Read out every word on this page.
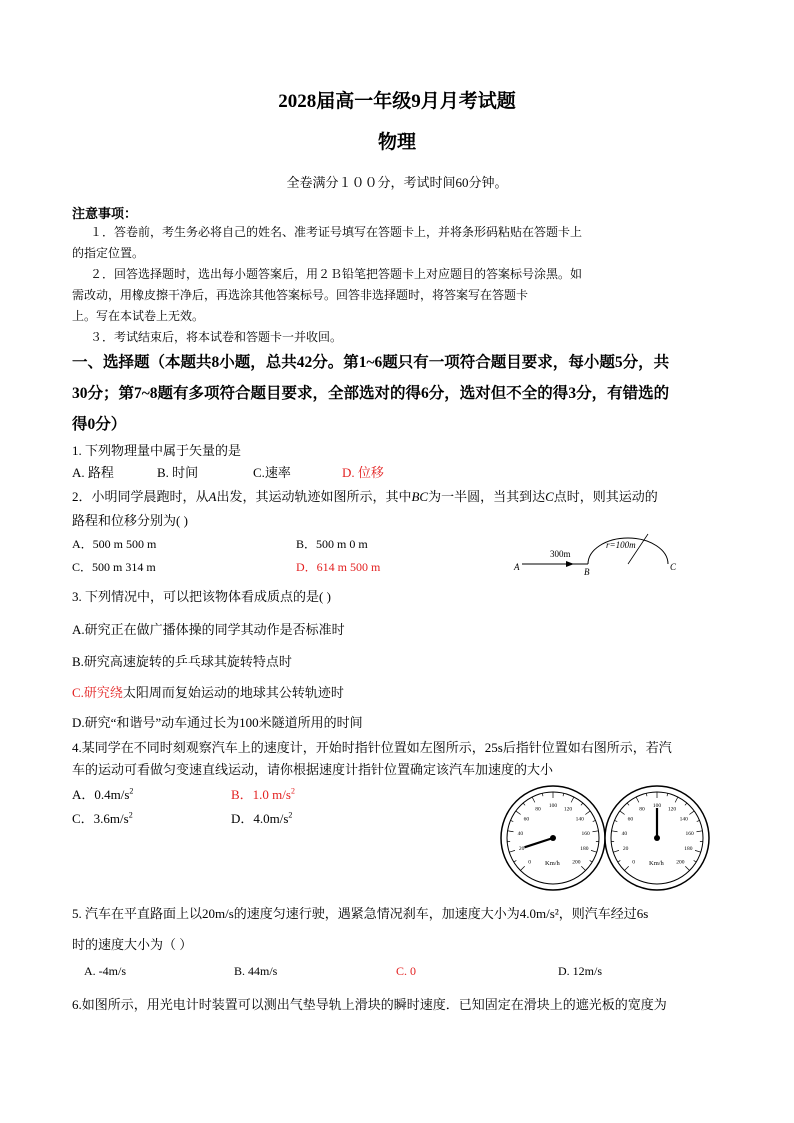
2028届高一年级9月月考试题
物理
全卷满分１００分，考试时间60分钟。
注意事项：
１．答卷前，考生务必将自己的姓名、准考证号填写在答题卡上，并将条形码粘贴在答题卡上
的指定位置。
２．回答选择题时，选出每小题答案后，用２Ｂ铅笔把答题卡上对应题目的答案标号涂黑。如
需改动，用橡皮擦干净后，再选涂其他答案标号。回答非选择题时，将答案写在答题卡
上。写在本试卷上无效。
３．考试结束后，将本试卷和答题卡一并收回。
一、选择题（本题共8小题，总共42分。第1~6题只有一项符合题目要求，每小题5分，共
30分；第7~8题有多项符合题目要求，全部选对的得6分，选对但不全的得3分，有错选的
得0分）
1. 下列物理量中属于矢量的是
A. 路程	B. 时间	C.速率	D. 位移
2．小明同学晨跑时，从A出发，其运动轨迹如图所示，其中BC为一半圆，当其到达C点时，则其运动的
路程和位移分别为( )
A．500 m 500 m	B．500 m 0 m
C．500 m 314 m	D．614 m 500 m
300m
r=100m
A	B	C
3. 下列情况中，可以把该物体看成质点的是( )
A.研究正在做广播体操的同学其动作是否标准时
B.研究高速旋转的乒乓球其旋转特点时
C.研究绕太阳周而复始运动的地球其公转轨迹时
D.研究“和谐号”动车通过长为100米隧道所用的时间
4.某同学在不同时刻观察汽车上的速度计，开始时指针位置如左图所示，25s后指针位置如右图所示，若汽
车的运动可看做匀变速直线运动，请你根据速度计指针位置确定该汽车加速度的大小
A．$0.4m/s^2$	B．1.0 $m/s^2$
C．$3.6m/s^2$	D．$4.0m/s^2$
0
20
40
60
80
100
120
140
160
180
200
Km/h	0
20
40
60
80
100
120
140
160
180
200
Km/h
5. 汽车在平直路面上以20m/s的速度匀速行驶，遇紧急情况刹车，加速度大小为4.0m/s²，则汽车经过6s
时的速度大小为（ ）
A. -4m/s	B. 44m/s	C. 0	D. 12m/s
6.如图所示，用光电计时装置可以测出气垫导轨上滑块的瞬时速度．已知固定在滑块上的遮光板的宽度为
